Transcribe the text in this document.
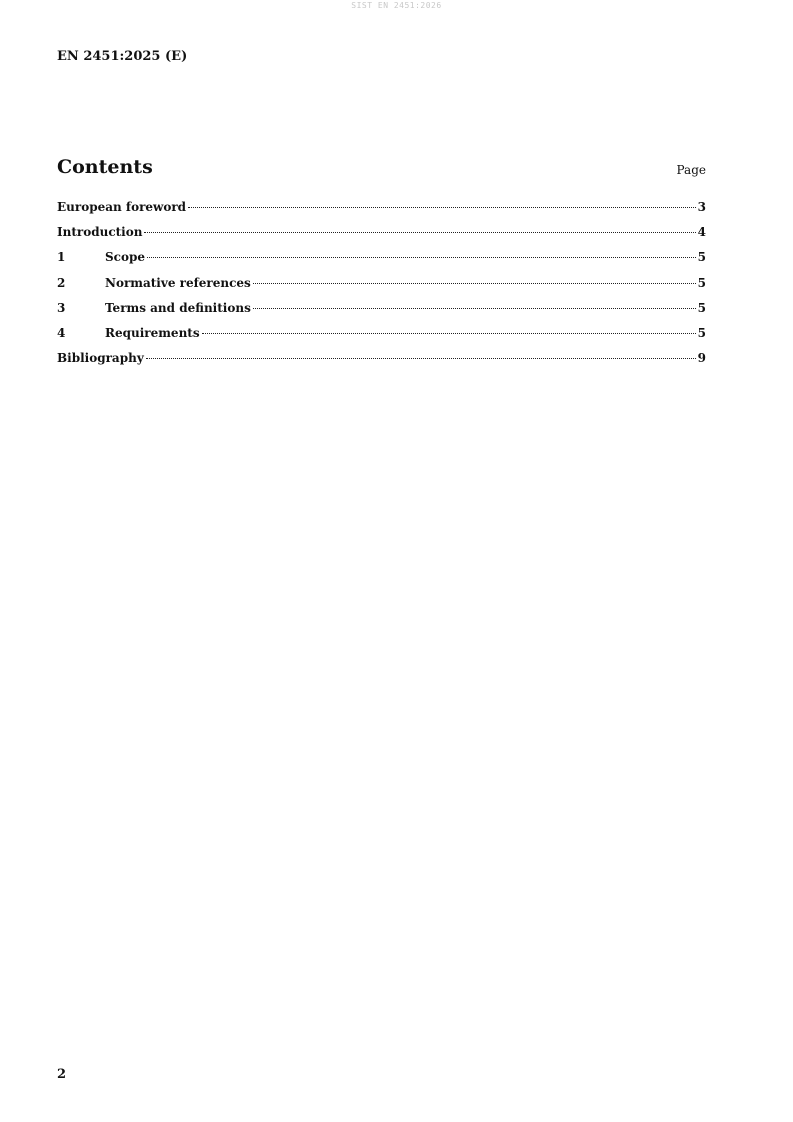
SIST EN 2451:2026
EN 2451:2025 (E)
Contents	Page
European foreword	3
Introduction	4
1	Scope	5
2	Normative references	5
3	Terms and definitions	5
4	Requirements	5
Bibliography	9
2
